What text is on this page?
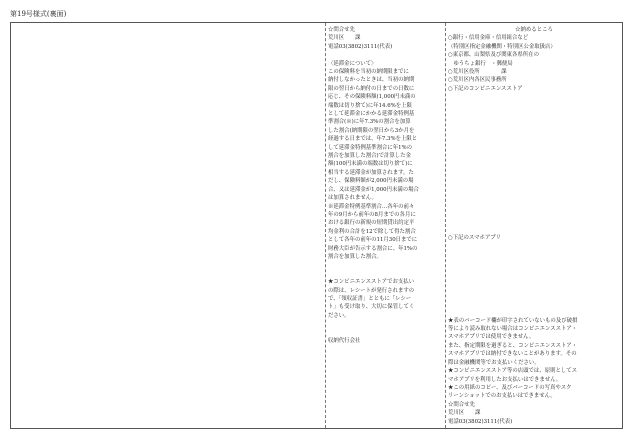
第19号様式(裏面)
☆問合せ先
荒川区　　課
電話03(3802)3111(代表)
〈延滞金について〉
この保険料を当初の納期限までに
納付しなかったときは、当初の納期
限の翌日から納付の日までの日数に
応じ、その保険料額(1,000円未満の
端数は切り捨て)に年14.6%を上限
として延滞金にかかる延滞金特例基
準割合(※)に年7.3%の割合を加算
した割合(納期限の翌日から3か月を
経過する日までは、年7.3%を上限と
して延滞金特例基準割合に年1%の
割合を加算した割合)で計算した金
額(100円未満の端数は切り捨て)に
相当する延滞金が加算されます。た
だし、保険料額が2,000円未満の場
合、又は延滞金が1,000円未満の場合
は加算されません。
※延滞金特例基準割合…各年の前々
年の9月から前年の8月までの各月に
おける銀行の新規の短期貸出約定平
均金利の合計を12で除して得た割合
として各年の前年の11月30日までに
財務大臣が告示する割合に、年1%の
割合を加算した割合。
★コンビニエンスストアでお支払い
の際は、レシートが発行されますの
で、「領収証書」とともに「レシー
ト」も受け取り、大切に保管してく
ださい。
収納代行会社
☆納めるところ
○銀行・信用金庫・信用組合など
（特別区指定金融機関・特別区公金取扱店）
○東京都、山梨県及び関東各県所在の
　ゆうちょ銀行　・郵便局
○荒川区役所　　　　課
○荒川区内各区民事務所
○下記のコンビニエンスストア
○下記のスマホアプリ
★表のバーコード欄が印字されていないもの及び破損
等により読み取れない場合はコンビニエンスストア・
スマホアプリでは使用できません。
また、指定期限を過ぎると、コンビニエンスストア・
スマホアプリでは納付できないことがあります。その
際は金融機関等でお支払いください。
★コンビニエンスストア等の店頭では、原則としてス
マホアプリを利用したお支払いはできません。
★この用紙のコピー、及びバーコードの写真やスク
リーンショットでのお支払いはできません。
☆問合せ先
荒川区　　課
電話03(3802)3111(代表)
